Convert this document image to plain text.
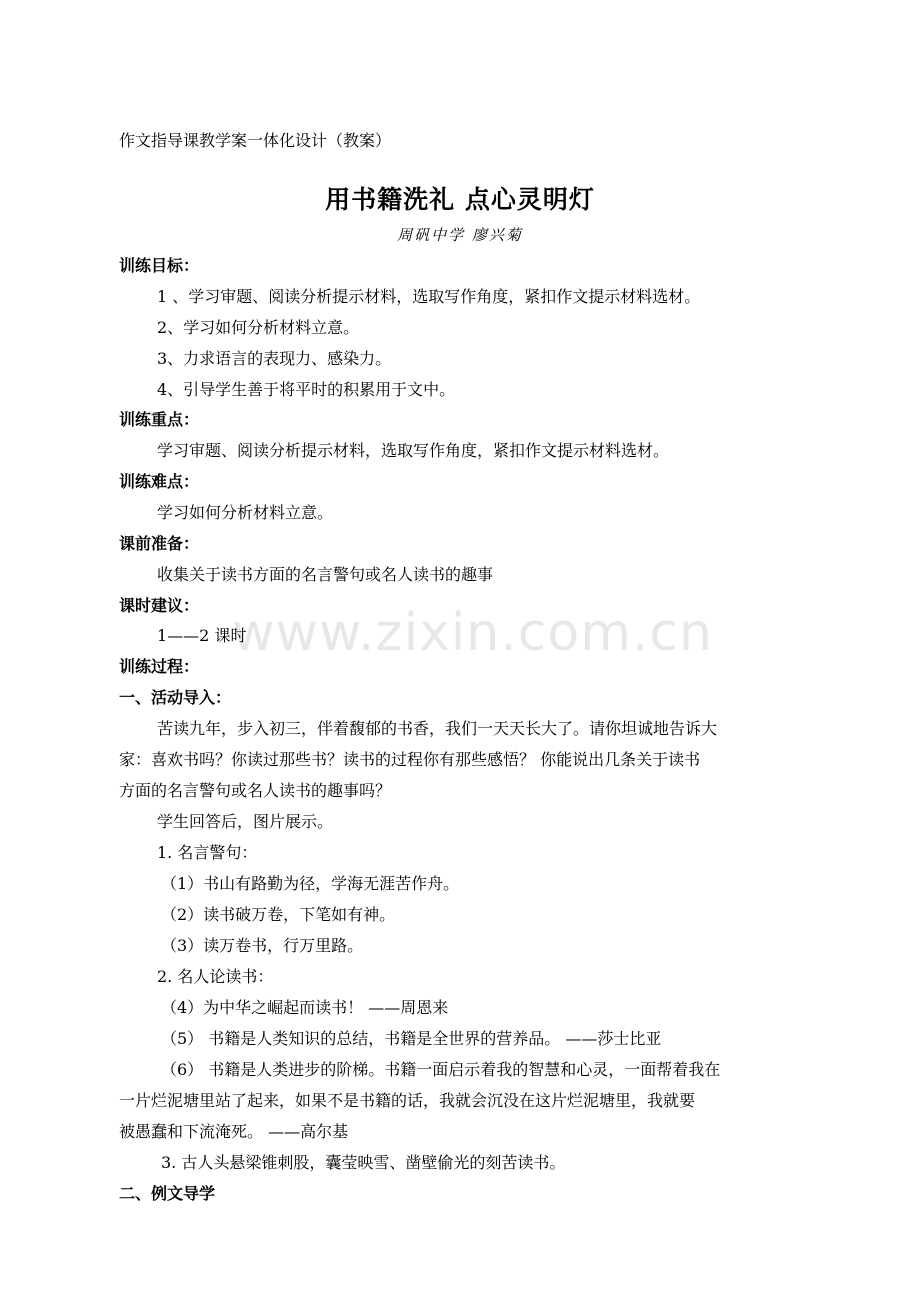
作文指导课教学案一体化设计（教案）
用书籍洗礼 点心灵明灯
周矾中学 廖兴菊
训练目标：
1 、学习审题、阅读分析提示材料，选取写作角度，紧扣作文提示材料选材。
2、学习如何分析材料立意。
3、力求语言的表现力、感染力。
4、引导学生善于将平时的积累用于文中。
训练重点：
学习审题、阅读分析提示材料，选取写作角度，紧扣作文提示材料选材。
训练难点：
学习如何分析材料立意。
课前准备：
收集关于读书方面的名言警句或名人读书的趣事
课时建议：
1——2 课时
训练过程：
一、活动导入：
苦读九年，步入初三，伴着馥郁的书香，我们一天天长大了。请你坦诚地告诉大
家：喜欢书吗？你读过那些书？读书的过程你有那些感悟？ 你能说出几条关于读书
方面的名言警句或名人读书的趣事吗？
学生回答后，图片展示。
1. 名言警句：
（1）书山有路勤为径，学海无涯苦作舟。
（2）读书破万卷，下笔如有神。
（3）读万卷书，行万里路。
2. 名人论读书：
（4）为中华之崛起而读书！ ——周恩来
（5） 书籍是人类知识的总结，书籍是全世界的营养品。 ——莎士比亚
（6） 书籍是人类进步的阶梯。书籍一面启示着我的智慧和心灵，一面帮着我在
一片烂泥塘里站了起来，如果不是书籍的话，我就会沉没在这片烂泥塘里，我就要
被愚蠢和下流淹死。 ——高尔基
3. 古人头悬梁锥刺股，囊莹映雪、凿壁偷光的刻苦读书。
二、例文导学
www.zixin.com.cn
